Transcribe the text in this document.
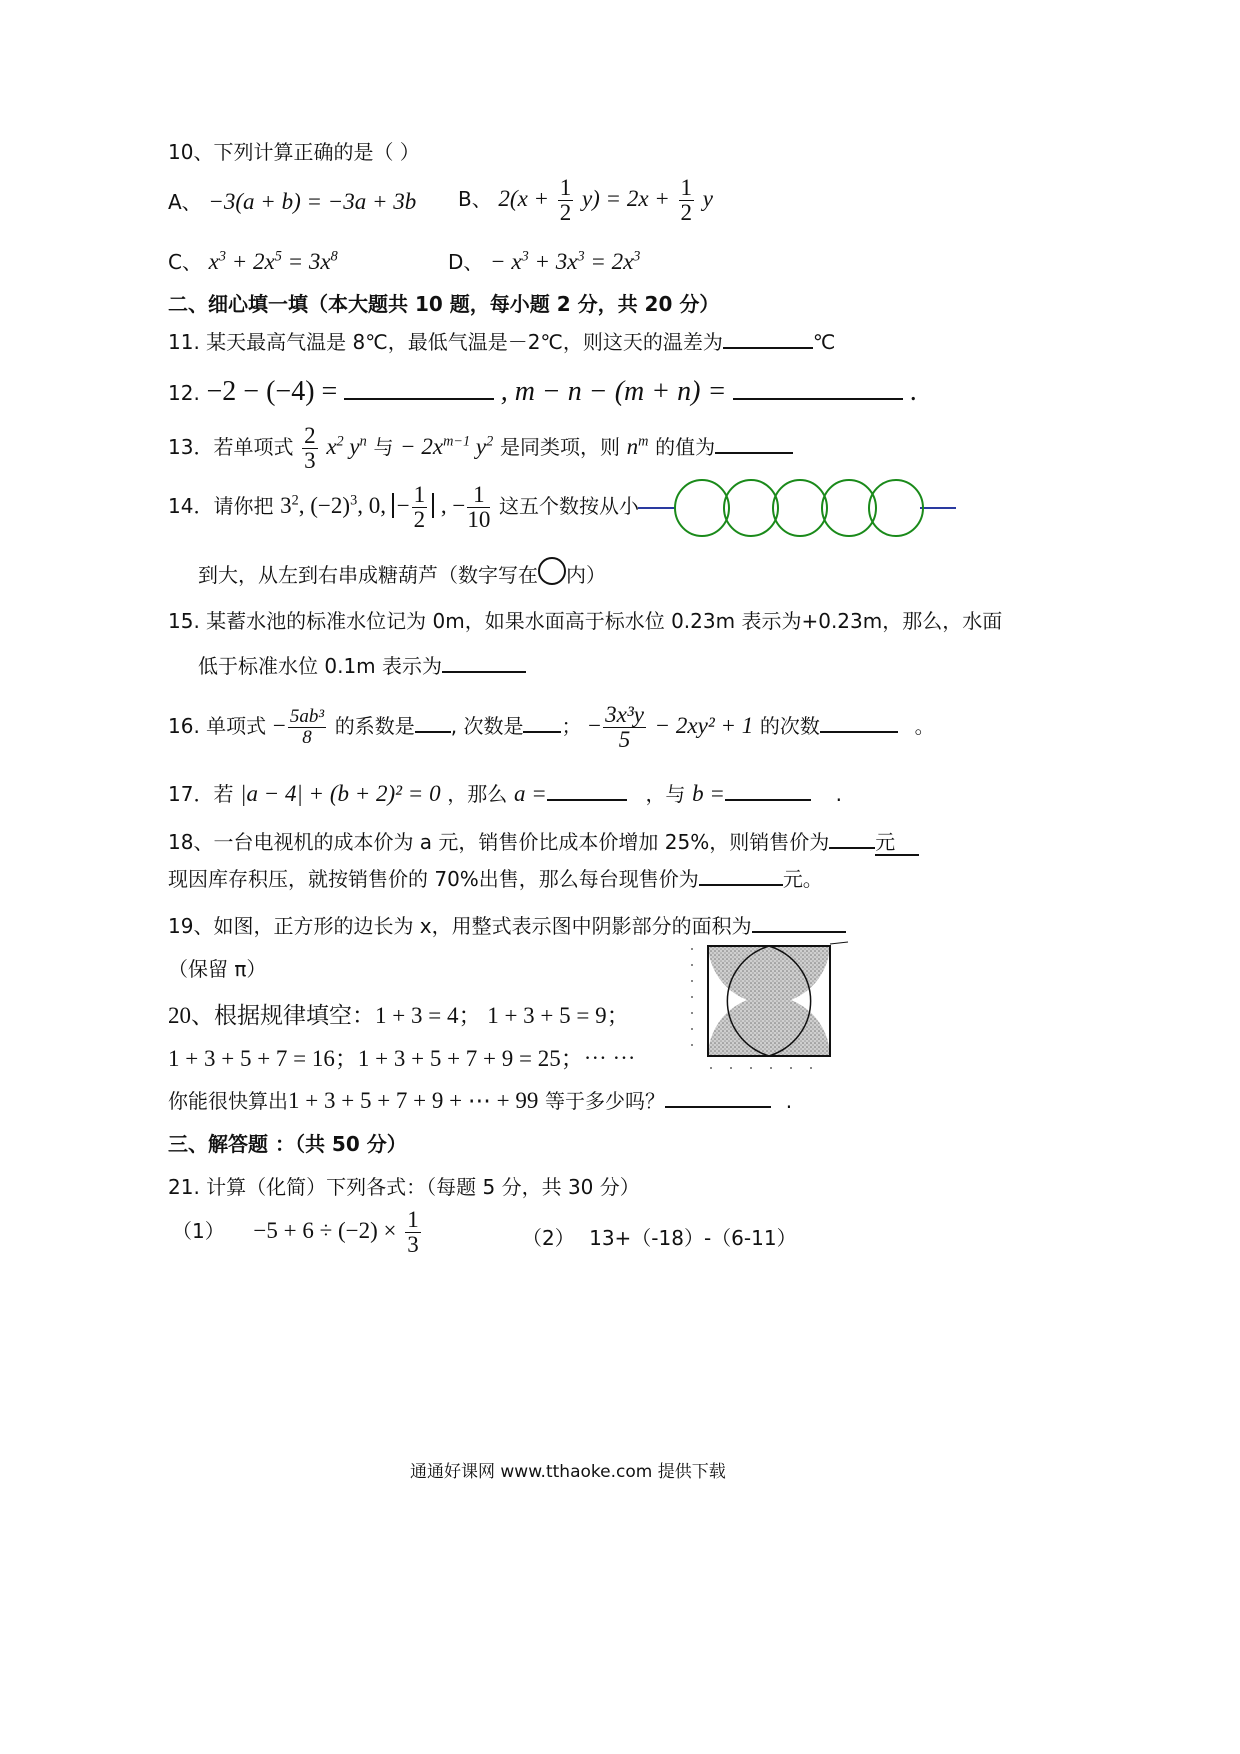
10、下列计算正确的是（ ）
A、 −3(a + b) = −3a + 3b B、 $2(x + \frac{1}{2} y) = 2x + \frac{1}{2}$ y
C、 $x^3 + 2x^5 = 3x^8$	D、 − $x^3 + 3x^3 = 2x^3$
二、细心填一填（本大题共 10 题，每小题 2 分，共 20 分）
11. 某天最高气温是 8℃，最低气温是－2℃，则这天的温差为	℃
12. −2 − (−4) =	, m − n − (m + n) =	.
13．若单项式 $\frac{2}{3} x^2$ $y^n$ 与 − $2x^{m-1}$ $y^2$ 是同类项，则 $n^m$ 的值为
14．请你把 $3^2$, $(-2)^3$, 0, − $\frac{1}{2}$ , − $\frac{1}{10}$ 这五个数按从小
到大，从左到右串成糖葫芦（数字写在 内）
15. 某蓄水池的标准水位记为 0m，如果水面高于标水位 0.23m 表示为+0.23m，那么，水面
低于标准水位 0.1m 表示为
16. 单项式 − $\frac{\text{5ab³}}{8}$ 的系数是 , 次数是 ； − $\frac{\text{3x³y}}{5} - 2xy^2 + 1$ 的次数	。
17．若 |a − 4| + (b + 2)² = 0 ，那么 a =	，与 b =	.
18、一台电视机的成本价为 a 元，销售价比成本价增加 25%，则销售价为 元
现因库存积压，就按销售价的 70%出售，那么每台现售价为	元。
19、如图，正方形的边长为 x，用整式表示图中阴影部分的面积为
（保留 π）
20、根据规律填空：1 + 3 = 4； 1 + 3 + 5 = 9；
1 + 3 + 5 + 7 = 16；1 + 3 + 5 + 7 + 9 = 25；⋯ ⋯
你能很快算出1 + 3 + 5 + 7 + 9 + ⋯ + 99 等于多少吗？	.
三、解答题 ：（共 50 分）
21. 计算（化简）下列各式：（每题 5 分，共 30 分）
$(1) -5 + 6 \div (-2) \times \frac{1}{3}$	（2） 13+（-18）-（6-11）
通通好课网 www.tthaoke.com 提供下载
